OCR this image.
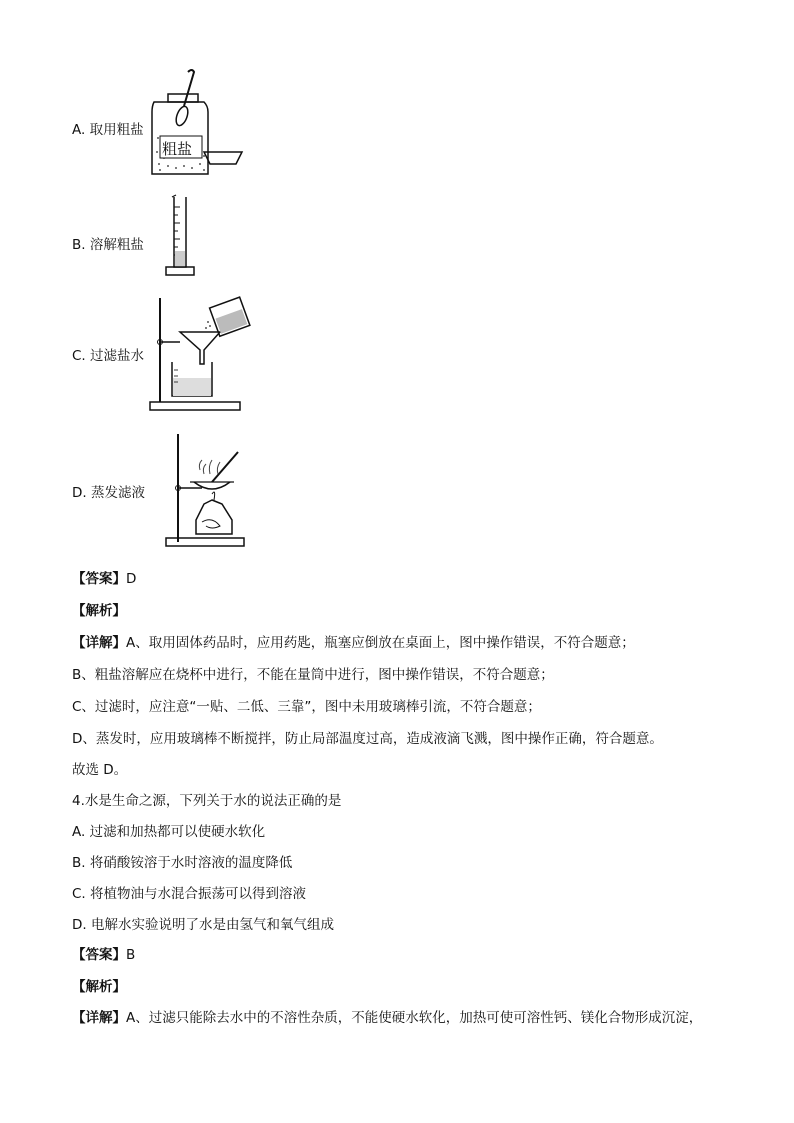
A. 取用粗盐
粗盐
B. 溶解粗盐
C. 过滤盐水
D. 蒸发滤液
【答案】D
【解析】
【详解】A、取用固体药品时，应用药匙，瓶塞应倒放在桌面上，图中操作错误，不符合题意；
B、粗盐溶解应在烧杯中进行，不能在量筒中进行，图中操作错误，不符合题意；
C、过滤时，应注意“一贴、二低、三靠”，图中未用玻璃棒引流，不符合题意；
D、蒸发时，应用玻璃棒不断搅拌，防止局部温度过高，造成液滴飞溅，图中操作正确，符合题意。
故选 D。
4.水是生命之源，下列关于水的说法正确的是
A. 过滤和加热都可以使硬水软化
B. 将硝酸铵溶于水时溶液的温度降低
C. 将植物油与水混合振荡可以得到溶液
D. 电解水实验说明了水是由氢气和氧气组成
【答案】B
【解析】
【详解】A、过滤只能除去水中的不溶性杂质，不能使硬水软化，加热可使可溶性钙、镁化合物形成沉淀，
